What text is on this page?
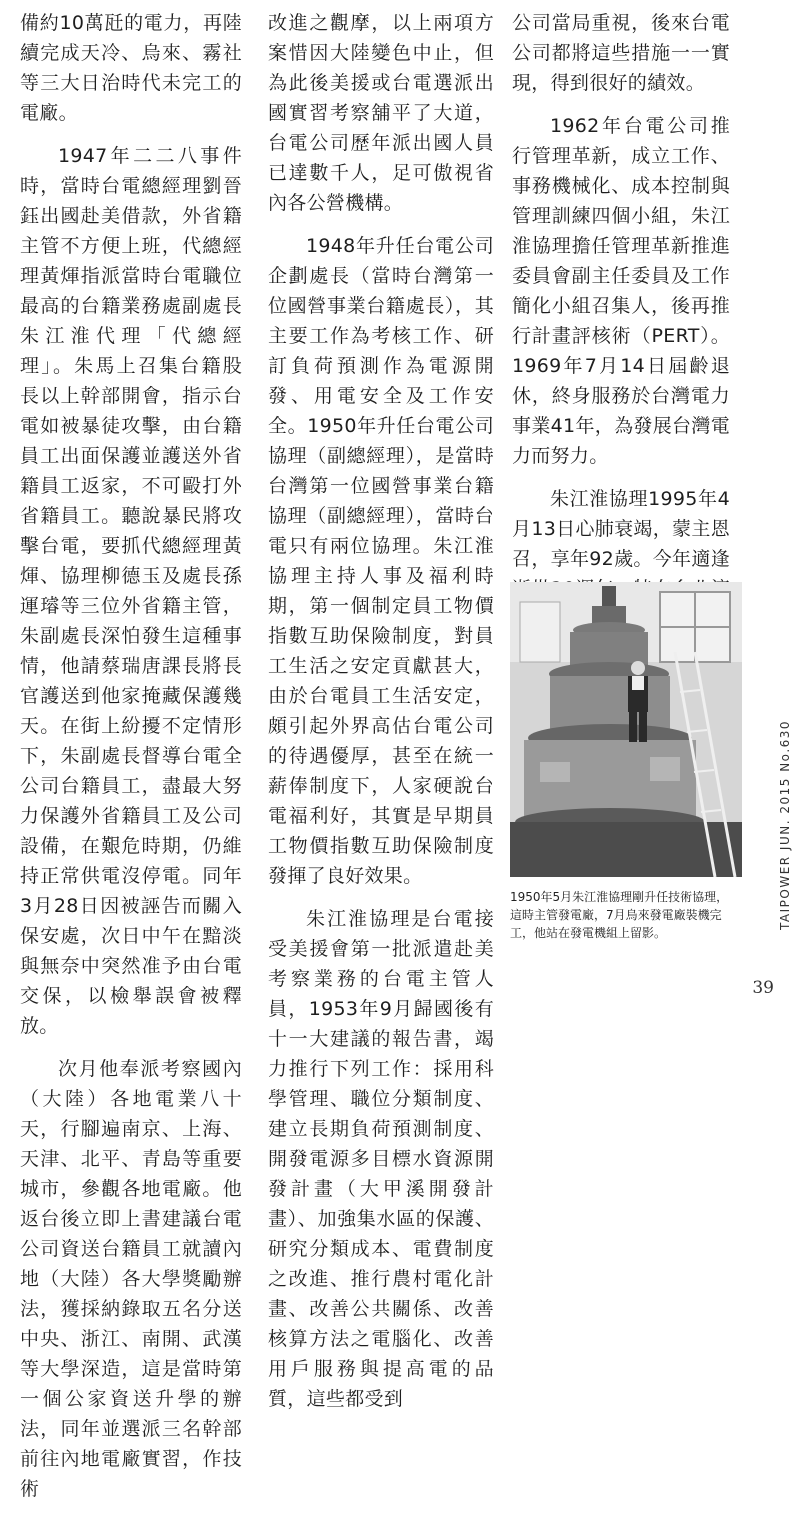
備約10萬瓩的電力，再陸續完成天冷、烏來、霧社等三大日治時代未完工的電廠。

1947年二二八事件時，當時台電總經理劉晉鈺出國赴美借款，外省籍主管不方便上班，代總經理黃煇指派當時台電職位最高的台籍業務處副處長朱江淮代理「代總經理」。朱馬上召集台籍股長以上幹部開會，指示台電如被暴徒攻擊，由台籍員工出面保護並護送外省籍員工返家，不可毆打外省籍員工。聽說暴民將攻擊台電，要抓代總經理黃煇、協理柳德玉及處長孫運璿等三位外省籍主管，朱副處長深怕發生這種事情，他請蔡瑞唐課長將長官護送到他家掩藏保護幾天。在街上紛擾不定情形下，朱副處長督導台電全公司台籍員工，盡最大努力保護外省籍員工及公司設備，在艱危時期，仍維持正常供電沒停電。同年3月28日因被誣告而關入保安處，次日中午在黯淡與無奈中突然准予由台電交保，以檢舉誤會被釋放。

次月他奉派考察國內（大陸）各地電業八十天，行腳遍南京、上海、天津、北平、青島等重要城市，參觀各地電廠。他返台後立即上書建議台電公司資送台籍員工就讀內地（大陸）各大學獎勵辦法，獲採納錄取五名分送中央、浙江、南開、武漢等大學深造，這是當時第一個公家資送升學的辦法，同年並選派三名幹部前往內地電廠實習，作技術

改進之觀摩，以上兩項方案惜因大陸變色中止，但為此後美援或台電選派出國實習考察舖平了大道，台電公司歷年派出國人員已達數千人，足可傲視省內各公營機構。

1948年升任台電公司企劃處長（當時台灣第一位國營事業台籍處長），其主要工作為考核工作、研訂負荷預測作為電源開發、用電安全及工作安全。1950年升任台電公司協理（副總經理），是當時台灣第一位國營事業台籍協理（副總經理），當時台電只有兩位協理。朱江淮協理主持人事及福利時期，第一個制定員工物價指數互助保險制度，對員工生活之安定貢獻甚大，由於台電員工生活安定，頗引起外界高估台電公司的待遇優厚，甚至在統一薪俸制度下，人家硬說台電福利好，其實是早期員工物價指數互助保險制度發揮了良好效果。

朱江淮協理是台電接受美援會第一批派遣赴美考察業務的台電主管人員，1953年9月歸國後有十一大建議的報告書，竭力推行下列工作：採用科學管理、職位分類制度、建立長期負荷預測制度、開發電源多目標水資源開發計畫（大甲溪開發計畫）、加強集水區的保護、研究分類成本、電費制度之改進、推行農村電化計畫、改善公共關係、改善核算方法之電腦化、改善用戶服務與提高電的品質，這些都受到

公司當局重視，後來台電公司都將這些措施一一實現，得到很好的績效。

1962年台電公司推行管理革新，成立工作、事務機械化、成本控制與管理訓練四個小組，朱江淮協理擔任管理革新推進委員會副主任委員及工作簡化小組召集人，後再推行計畫評核術（PERT）。1969年7月14日屆齡退休，終身服務於台灣電力事業41年，為發展台灣電力而努力。

朱江淮協理1995年4月13日心肺衰竭，蒙主恩召，享年92歲。今年適逢

1950年5月朱江淮協理剛升任技術協理，
這時主管發電廠，7月烏來發電廠裝機完
工，他站在發電機組上留影。
TAIPOWER JUN. 2015 No.630
39
